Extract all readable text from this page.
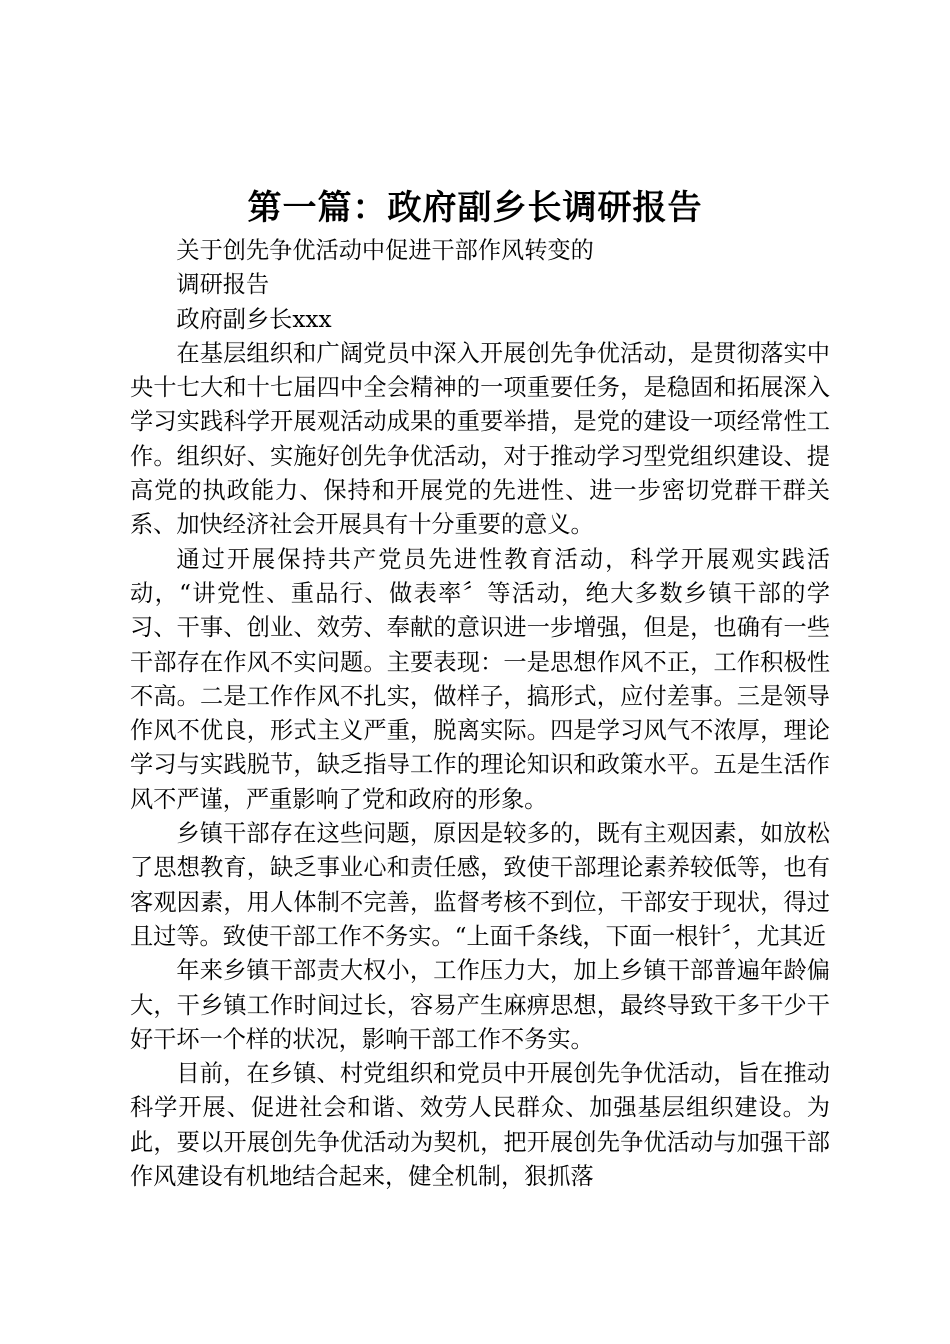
第一篇：政府副乡长调研报告

关于创先争优活动中促进干部作风转变的

调研报告

政府副乡长xxx

在基层组织和广阔党员中深入开展创先争优活动，是贯彻落实中央十七大和十七届四中全会精神的一项重要任务，是稳固和拓展深入学习实践科学开展观活动成果的重要举措，是党的建设一项经常性工作。组织好、实施好创先争优活动，对于推动学习型党组织建设、提高党的执政能力、保持和开展党的先进性、进一步密切党群干群关系、加快经济社会开展具有十分重要的意义。

通过开展保持共产党员先进性教育活动，科学开展观实践活动，“讲党性、重品行、做表率〞等活动，绝大多数乡镇干部的学习、干事、创业、效劳、奉献的意识进一步增强，但是，也确有一些干部存在作风不实问题。主要表现：一是思想作风不正，工作积极性不高。二是工作作风不扎实，做样子，搞形式，应付差事。三是领导作风不优良，形式主义严重，脱离实际。四是学习风气不浓厚，理论学习与实践脱节，缺乏指导工作的理论知识和政策水平。五是生活作风不严谨，严重影响了党和政府的形象。

乡镇干部存在这些问题，原因是较多的，既有主观因素，如放松了思想教育，缺乏事业心和责任感，致使干部理论素养较低等，也有客观因素，用人体制不完善，监督考核不到位，干部安于现状，得过且过等。致使干部工作不务实。“上面千条线，下面一根针〞，尤其近

年来乡镇干部责大权小，工作压力大，加上乡镇干部普遍年龄偏大，干乡镇工作时间过长，容易产生麻痹思想，最终导致干多干少干好干坏一个样的状况，影响干部工作不务实。

目前，在乡镇、村党组织和党员中开展创先争优活动，旨在推动科学开展、促进社会和谐、效劳人民群众、加强基层组织建设。为此，要以开展创先争优活动为契机，把开展创先争优活动与加强干部作风建设有机地结合起来，健全机制，狠抓落
